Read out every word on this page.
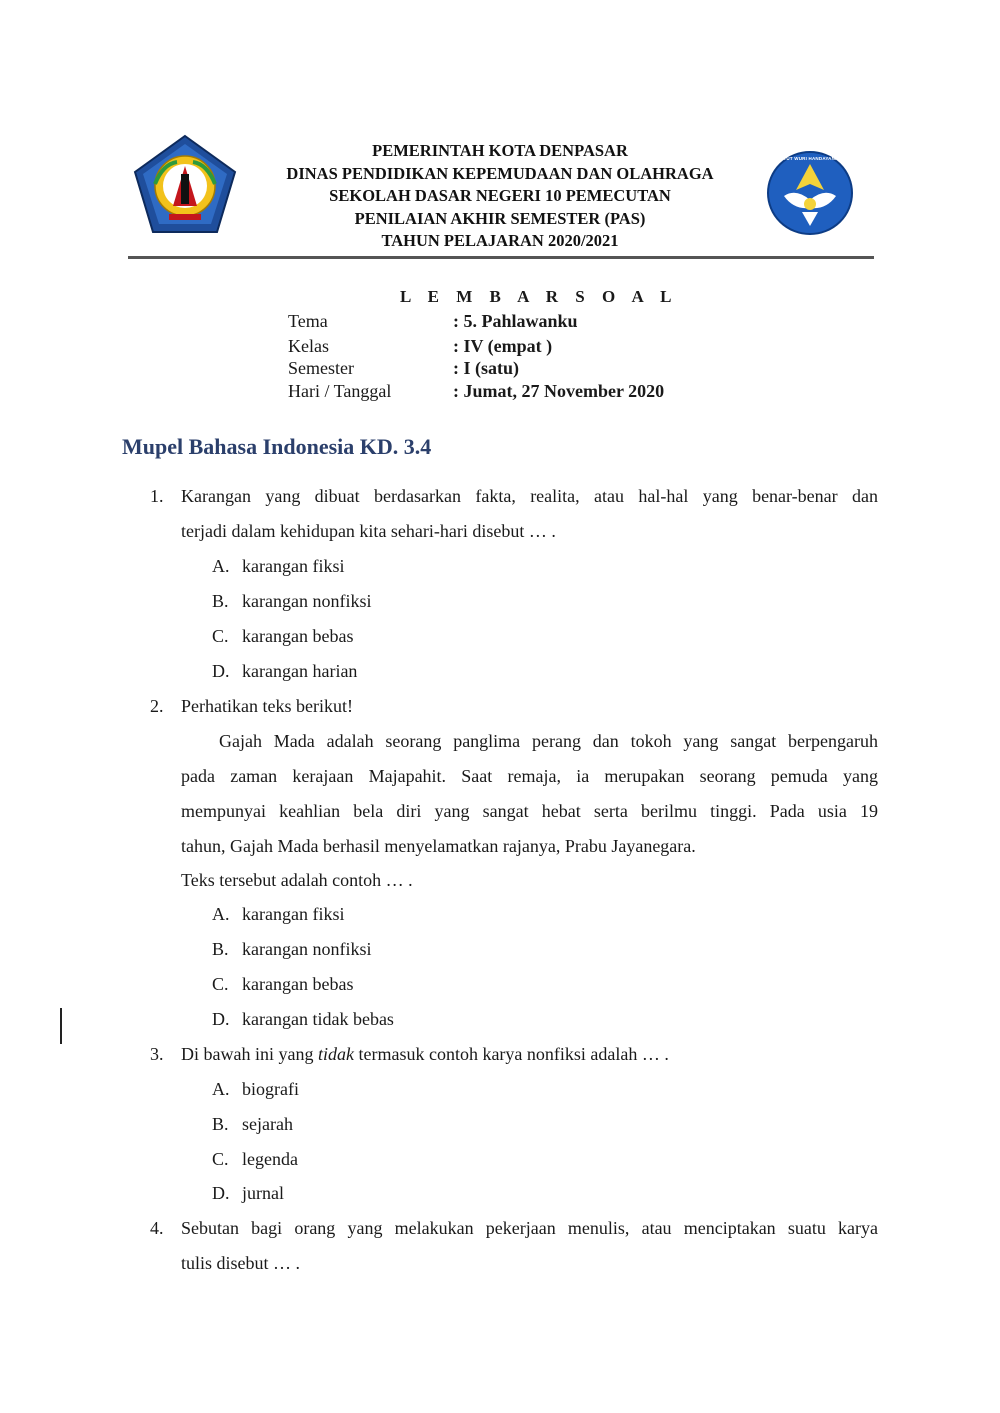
PEMERINTAH KOTA DENPASAR
DINAS PENDIDIKAN KEPEMUDAAN DAN OLAHRAGA
SEKOLAH DASAR NEGERI 10 PEMECUTAN
PENILAIAN AKHIR SEMESTER (PAS)
TAHUN PELAJARAN 2020/2021
TUT WURI HANDAYANI
L E M B A R S O A L
Tema	: 5. Pahlawanku
Kelas	: IV (empat )
Semester	: I (satu)
Hari / Tanggal	: Jumat, 27 November 2020
Mupel Bahasa Indonesia KD. 3.4
1. Karangan yang dibuat berdasarkan fakta, realita, atau hal-hal yang benar-benar dan
terjadi dalam kehidupan kita sehari-hari disebut … .
A. karangan fiksi
B. karangan nonfiksi
C. karangan bebas
D. karangan harian
2. Perhatikan teks berikut!
Gajah Mada adalah seorang panglima perang dan tokoh yang sangat berpengaruh
pada zaman kerajaan Majapahit. Saat remaja, ia merupakan seorang pemuda yang
mempunyai keahlian bela diri yang sangat hebat serta berilmu tinggi. Pada usia 19
tahun, Gajah Mada berhasil menyelamatkan rajanya, Prabu Jayanegara.
Teks tersebut adalah contoh … .
A. karangan fiksi
B. karangan nonfiksi
C. karangan bebas
D. karangan tidak bebas
3. Di bawah ini yang tidak termasuk contoh karya nonfiksi adalah … .
A. biografi
B. sejarah
C. legenda
D. jurnal
4. Sebutan bagi orang yang melakukan pekerjaan menulis, atau menciptakan suatu karya
tulis disebut … .
